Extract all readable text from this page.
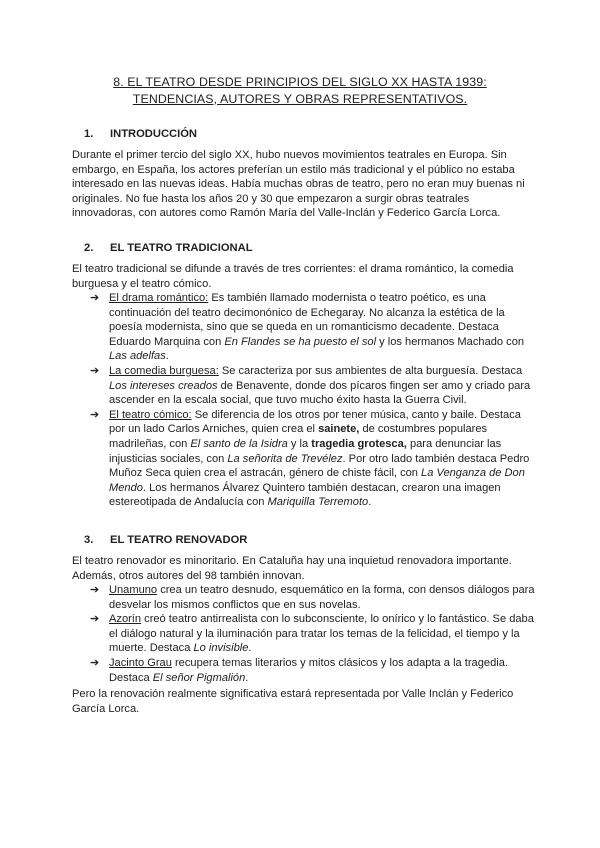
8. EL TEATRO DESDE PRINCIPIOS DEL SIGLO XX HASTA 1939:
TENDENCIAS, AUTORES Y OBRAS REPRESENTATIVOS.
1. INTRODUCCIÓN

Durante el primer tercio del siglo XX, hubo nuevos movimientos teatrales en Europa. Sin embargo, en España, los actores preferían un estilo más tradicional y el público no estaba interesado en las nuevas ideas. Había muchas obras de teatro, pero no eran muy buenas ni originales. No fue hasta los años 20 y 30 que empezaron a surgir obras teatrales innovadoras, con autores como Ramón María del Valle-Inclán y Federico García Lorca.

2. EL TEATRO TRADICIONAL

El teatro tradicional se difunde a través de tres corrientes: el drama romántico, la comedia burguesa y el teatro cómico.

➔ El drama romántico: Es también llamado modernista o teatro poético, es una continuación del teatro decimonónico de Echegaray. No alcanza la estética de la poesía modernista, sino que se queda en un romanticismo decadente. Destaca Eduardo Marquina con En Flandes se ha puesto el sol y los hermanos Machado con Las adelfas.
➔ La comedia burguesa: Se caracteriza por sus ambientes de alta burguesía. Destaca Los intereses creados de Benavente, donde dos pícaros fingen ser amo y criado para ascender en la escala social, que tuvo mucho éxito hasta la Guerra Civil.
➔ El teatro cómico: Se diferencia de los otros por tener música, canto y baile. Destaca por un lado Carlos Arniches, quien crea el sainete, de costumbres populares madrileñas, con El santo de la Isidra y la tragedia grotesca, para denunciar las injusticias sociales, con La señorita de Trevélez. Por otro lado también destaca Pedro Muñoz Seca quien crea el astracán, género de chiste fácil, con La Venganza de Don Mendo. Los hermanos Álvarez Quintero también destacan, crearon una imagen estereotipada de Andalucía con Mariquilla Terremoto.
3. EL TEATRO RENOVADOR

El teatro renovador es minoritario. En Cataluña hay una inquietud renovadora importante. Además, otros autores del 98 también innovan.

➔ Unamuno crea un teatro desnudo, esquemático en la forma, con densos diálogos para desvelar los mismos conflictos que en sus novelas.
➔ Azorín creó teatro antirrealista con lo subconsciente, lo onírico y lo fantástico. Se daba el diálogo natural y la iluminación para tratar los temas de la felicidad, el tiempo y la muerte. Destaca Lo invisible.
➔ Jacinto Grau recupera temas literarios y mitos clásicos y los adapta a la tragedia. Destaca El señor Pigmalión.

Pero la renovación realmente significativa estará representada por Valle Inclán y Federico García Lorca.
